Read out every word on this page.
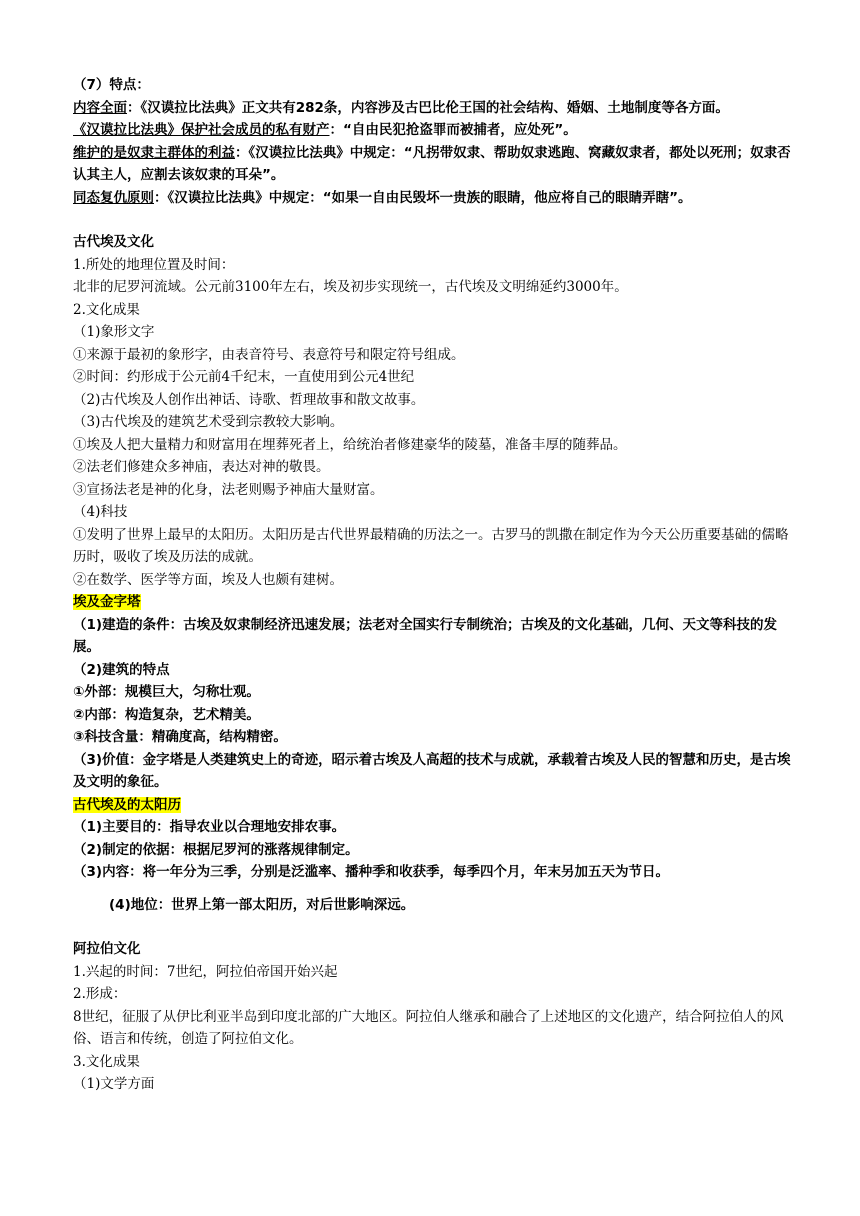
（7）特点：
内容全面：《汉谟拉比法典》正文共有282条，内容涉及古巴比伦王国的社会结构、婚姻、土地制度等各方面。
《汉谟拉比法典》保护社会成员的私有财产：“自由民犯抢盗罪而被捕者，应处死”。
维护的是奴隶主群体的利益：《汉谟拉比法典》中规定：“凡拐带奴隶、帮助奴隶逃跑、窝藏奴隶者，都处以死刑；奴隶否认其主人，应割去该奴隶的耳朵”。
同态复仇原则：《汉谟拉比法典》中规定：“如果一自由民毁坏一贵族的眼睛，他应将自己的眼睛弄瞎”。
古代埃及文化
1.所处的地理位置及时间：
北非的尼罗河流域。公元前3100年左右，埃及初步实现统一，古代埃及文明绵延约3000年。
2.文化成果
（1)象形文字
①来源于最初的象形字，由表音符号、表意符号和限定符号组成。
②时间：约形成于公元前4千纪末，一直使用到公元4世纪
（2)古代埃及人创作出神话、诗歌、哲理故事和散文故事。
（3)古代埃及的建筑艺术受到宗教较大影响。
①埃及人把大量精力和财富用在埋葬死者上，给统治者修建豪华的陵墓，准备丰厚的随葬品。
②法老们修建众多神庙，表达对神的敬畏。
③宣扬法老是神的化身，法老则赐予神庙大量财富。
（4)科技
①发明了世界上最早的太阳历。太阳历是古代世界最精确的历法之一。古罗马的凯撒在制定作为今天公历重要基础的儒略历时，吸收了埃及历法的成就。
②在数学、医学等方面，埃及人也颇有建树。
埃及金字塔
（1)建造的条件：古埃及奴隶制经济迅速发展；法老对全国实行专制统治；古埃及的文化基础，几何、天文等科技的发展。
（2)建筑的特点
①外部：规模巨大，匀称壮观。
②内部：构造复杂，艺术精美。
③科技含量：精确度高，结构精密。
（3)价值：金字塔是人类建筑史上的奇迹，昭示着古埃及人高超的技术与成就，承载着古埃及人民的智慧和历史，是古埃及文明的象征。
古代埃及的太阳历
（1)主要目的：指导农业以合理地安排农事。
（2)制定的依据：根据尼罗河的涨落规律制定。
（3)内容：将一年分为三季，分别是泛滥率、播种季和收获季，每季四个月，年末另加五天为节日。
(4)地位：世界上第一部太阳历，对后世影响深远。
阿拉伯文化
1.兴起的时间：7世纪，阿拉伯帝国开始兴起
2.形成：
8世纪，征服了从伊比利亚半岛到印度北部的广大地区。阿拉伯人继承和融合了上述地区的文化遗产，结合阿拉伯人的风俗、语言和传统，创造了阿拉伯文化。
3.文化成果
（1)文学方面
